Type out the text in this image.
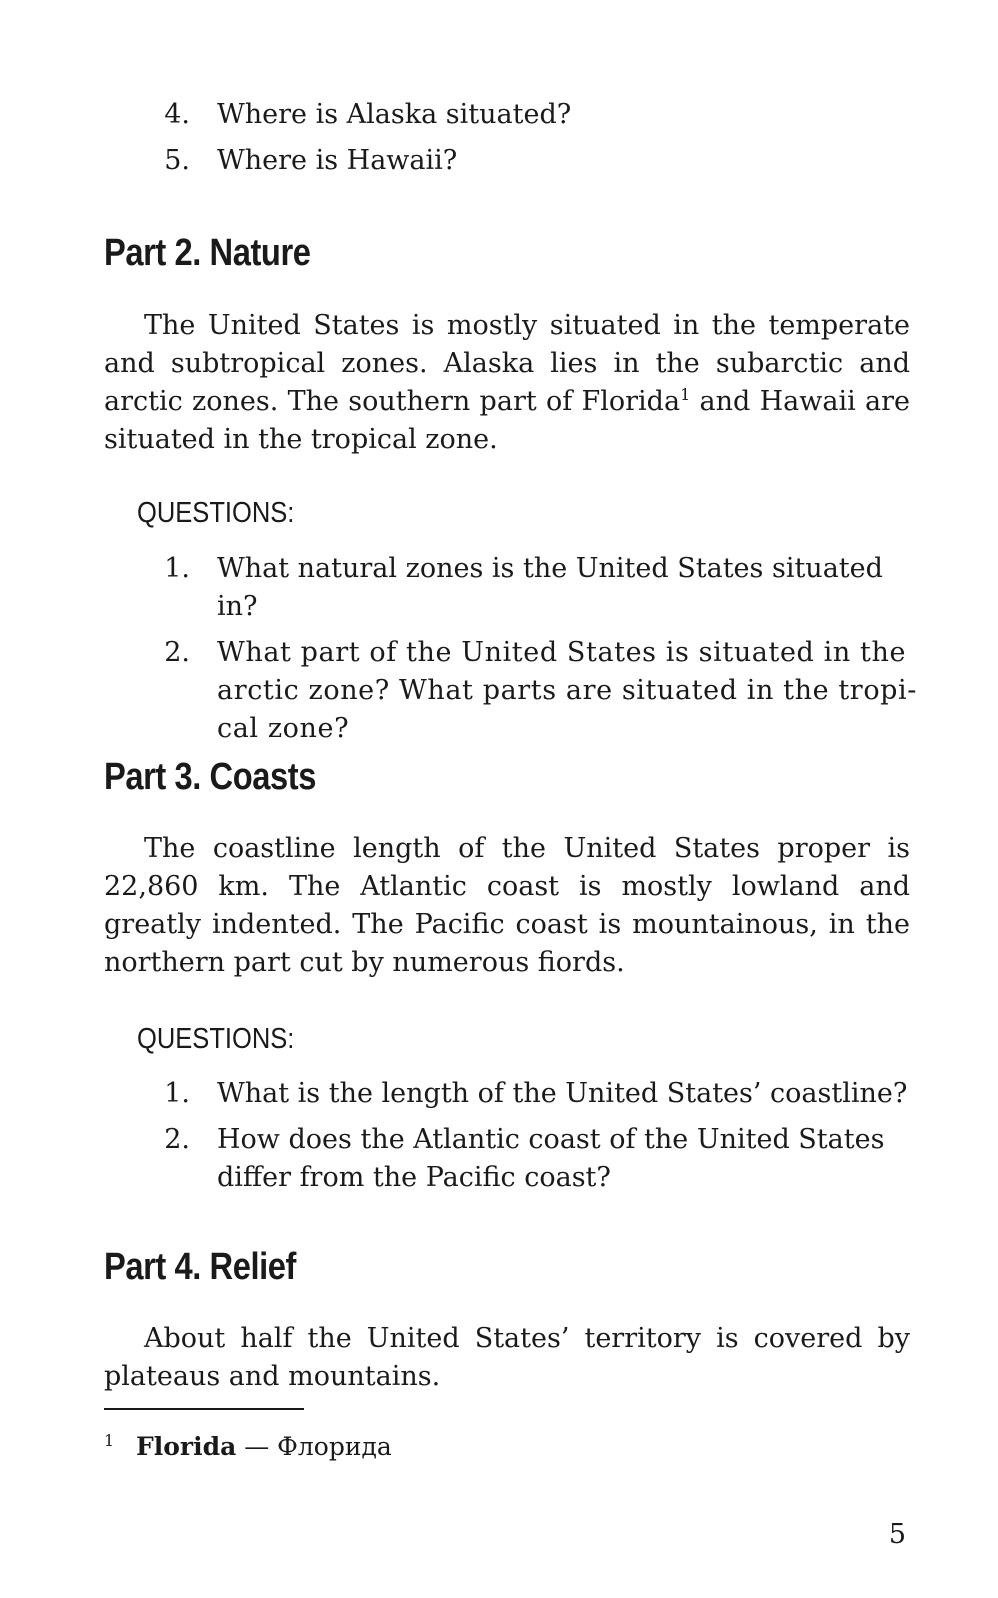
4. Where is Alaska situated?
5. Where is Hawaii?
Part 2. Nature

The United States is mostly situated in the temperate and subtropical zones. Alaska lies in the subarctic and arctic zones. The southern part of Florida$^1$ and Hawaii are situated in the tropical zone.

QUESTIONS:
1. What natural zones is the United States situated in?
2. What part of the United States is situated in the arctic zone? What parts are situated in the tropical zone?
Part 3. Coasts

The coastline length of the United States proper is 22,860 km. The Atlantic coast is mostly lowland and greatly indented. The Pacific coast is mountainous, in the northern part cut by numerous fiords.

QUESTIONS:
1. What is the length of the United States’ coastline?
2. How does the Atlantic coast of the United States differ from the Pacific coast?
Part 4. Relief

About half the United States’ territory is covered by plateaus and mountains.

1 Florida — Флорида
5
